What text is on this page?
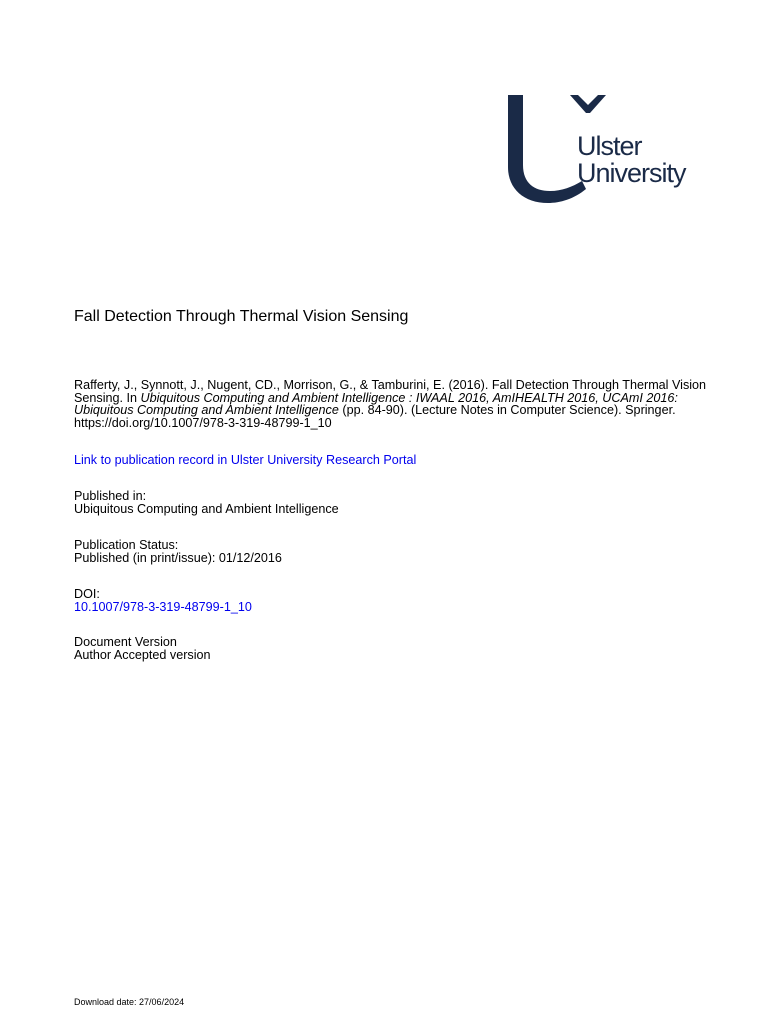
Ulster
University
Fall Detection Through Thermal Vision Sensing
Rafferty, J., Synnott, J., Nugent, CD., Morrison, G., & Tamburini, E. (2016). Fall Detection Through Thermal Vision Sensing. In Ubiquitous Computing and Ambient Intelligence : IWAAL 2016, AmIHEALTH 2016, UCAmI 2016: Ubiquitous Computing and Ambient Intelligence (pp. 84-90). (Lecture Notes in Computer Science). Springer. https://doi.org/10.1007/978-3-319-48799-1_10
Link to publication record in Ulster University Research Portal
Published in:
Ubiquitous Computing and Ambient Intelligence
Publication Status:
Published (in print/issue): 01/12/2016
DOI:
10.1007/978-3-319-48799-1_10
Document Version
Author Accepted version
Download date: 27/06/2024
